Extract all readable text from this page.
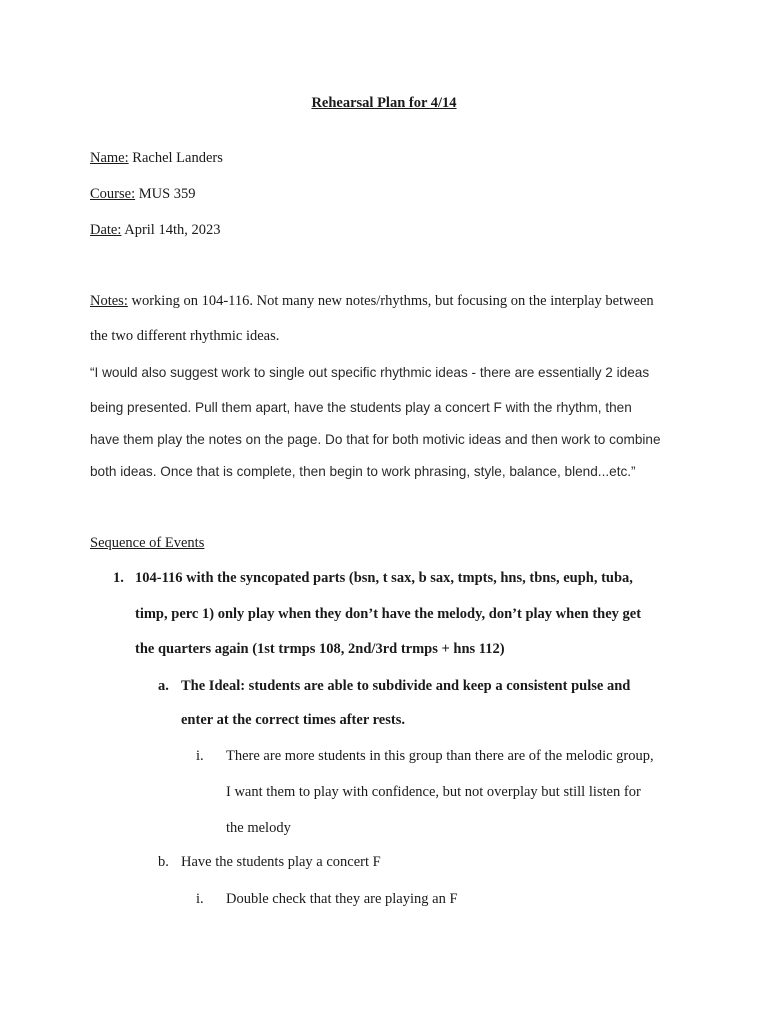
Rehearsal Plan for 4/14
Name: Rachel Landers
Course: MUS 359
Date: April 14th, 2023
Notes: working on 104-116. Not many new notes/rhythms, but focusing on the interplay between
the two different rhythmic ideas.
“I would also suggest work to single out specific rhythmic ideas - there are essentially 2 ideas
being presented. Pull them apart, have the students play a concert F with the rhythm, then
have them play the notes on the page. Do that for both motivic ideas and then work to combine
both ideas. Once that is complete, then begin to work phrasing, style, balance, blend...etc.”
Sequence of Events
1. 104-116 with the syncopated parts (bsn, t sax, b sax, tmpts, hns, tbns, euph, tuba,
timp, perc 1) only play when they don’t have the melody, don’t play when they get
the quarters again (1st trmps 108, 2nd/3rd trmps + hns 112)
a. The Ideal: students are able to subdivide and keep a consistent pulse and
enter at the correct times after rests.
i. There are more students in this group than there are of the melodic group,
I want them to play with confidence, but not overplay but still listen for
the melody
b. Have the students play a concert F
i. Double check that they are playing an F
